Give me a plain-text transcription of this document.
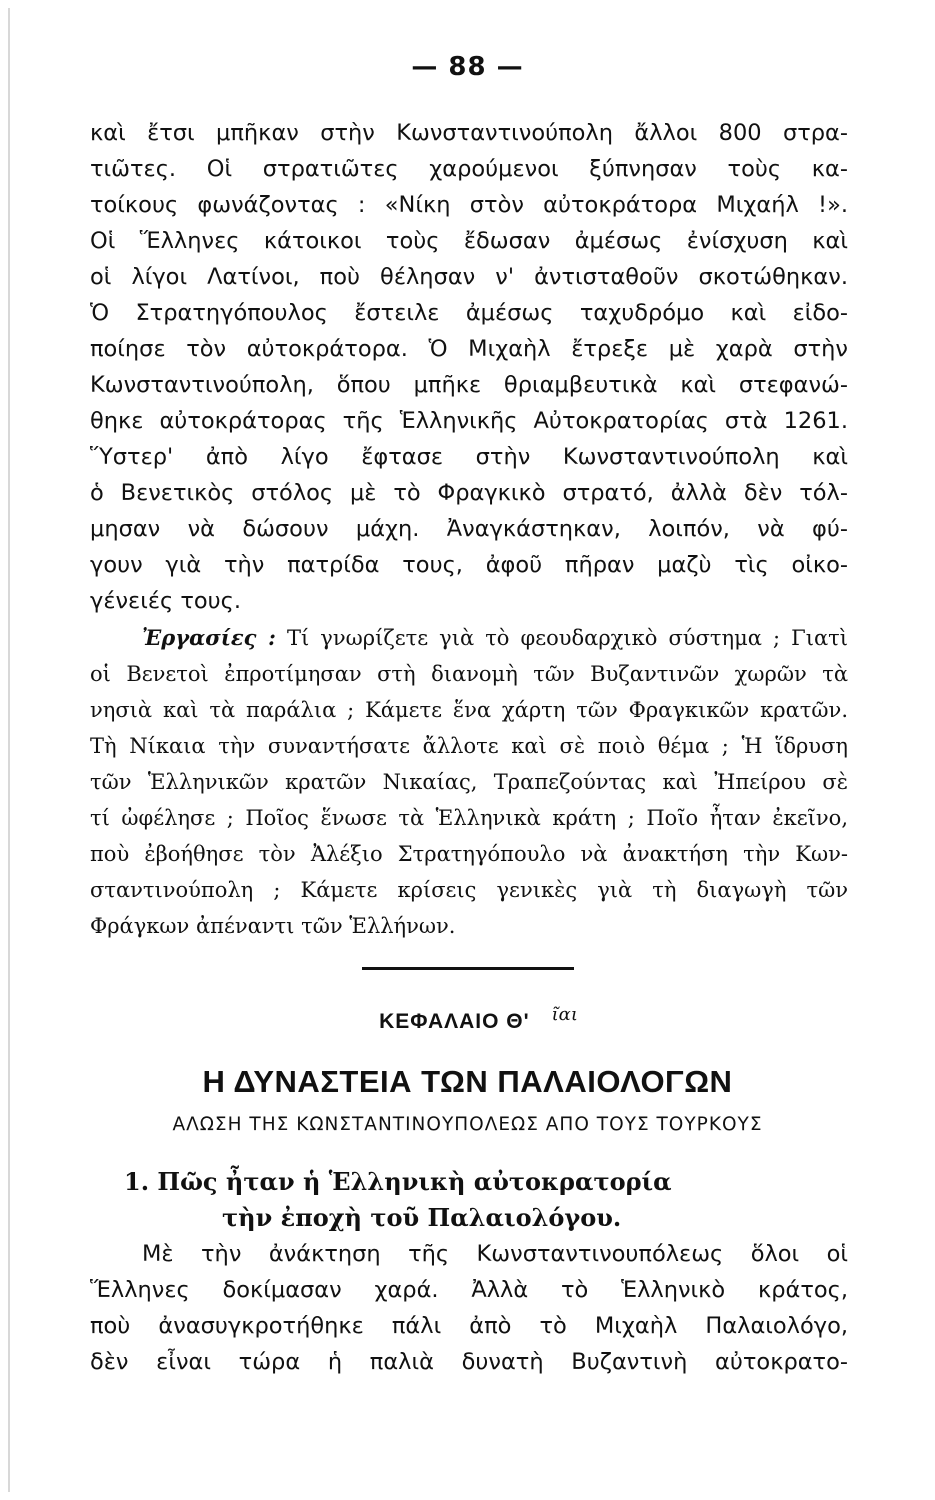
— 88 —
καὶ ἔτσι μπῆκαν στὴν Κωνσταντινούπολη ἄλλοι 800 στρα-
τιῶτες. Οἱ στρατιῶτες χαρούμενοι ξύπνησαν τοὺς κα-
τοίκους φωνάζοντας : «Νίκη στὸν αὐτοκράτορα Μιχαήλ !».
Οἱ Ἕλληνες κάτοικοι τοὺς ἔδωσαν ἀμέσως ἐνίσχυση καὶ
οἱ λίγοι Λατίνοι, ποὺ θέλησαν ν' ἀντισταθοῦν σκοτώθηκαν.
Ὁ Στρατηγόπουλος ἔστειλε ἀμέσως ταχυδρόμο καὶ εἰδο-
ποίησε τὸν αὐτοκράτορα. Ὁ Μιχαὴλ ἔτρεξε μὲ χαρὰ στὴν
Κωνσταντινούπολη, ὅπου μπῆκε θριαμβευτικὰ καὶ στεφανώ-
θηκε αὐτοκράτορας τῆς Ἑλληνικῆς Αὐτοκρατορίας στὰ 1261.
Ὕστερ' ἀπὸ λίγο ἔφτασε στὴν Κωνσταντινούπολη καὶ
ὁ Βενετικὸς στόλος μὲ τὸ Φραγκικὸ στρατό, ἀλλὰ δὲν τόλ-
μησαν νὰ δώσουν μάχη. Ἀναγκάστηκαν, λοιπόν, νὰ φύ-
γουν γιὰ τὴν πατρίδα τους, ἀφοῦ πῆραν μαζὺ τὶς οἰκο-
γένειές τους.
Ἐργασίες : Τί γνωρίζετε γιὰ τὸ φεουδαρχικὸ σύστημα ; Γιατὶ
οἱ Βενετοὶ ἐπροτίμησαν στὴ διανομὴ τῶν Βυζαντινῶν χωρῶν τὰ
νησιὰ καὶ τὰ παράλια ; Κάμετε ἕνα χάρτη τῶν Φραγκικῶν κρατῶν.
Τὴ Νίκαια τὴν συναντήσατε ἄλλοτε καὶ σὲ ποιὸ θέμα ; Ἡ ἵδρυση
τῶν Ἑλληνικῶν κρατῶν Νικαίας, Τραπεζούντας καὶ Ἠπείρου σὲ
τί ὠφέλησε ; Ποῖος ἕνωσε τὰ Ἑλληνικὰ κράτη ; Ποῖο ἦταν ἐκεῖνο,
ποὺ ἐβοήθησε τὸν Ἀλέξιο Στρατηγόπουλο νὰ ἀνακτήση τὴν Κων-
σταντινούπολη ; Κάμετε κρίσεις γενικὲς γιὰ τὴ διαγωγὴ τῶν
Φράγκων ἀπέναντι τῶν Ἑλλήνων.
ΚΕΦΑΛΑΙΟ Θ' ῖαι
Η ΔΥΝΑΣΤΕΙΑ ΤΩΝ ΠΑΛΑΙΟΛΟΓΩΝ
ΑΛΩΣΗ ΤΗΣ ΚΩΝΣΤΑΝΤΙΝΟΥΠΟΛΕΩΣ ΑΠΟ ΤΟΥΣ ΤΟΥΡΚΟΥΣ
1. Πῶς ἦταν ἡ Ἑλληνικὴ αὐτοκρατορία
τὴν ἐποχὴ τοῦ Παλαιολόγου.
Μὲ τὴν ἀνάκτηση τῆς Κωνσταντινουπόλεως ὅλοι οἱ
Ἕλληνες δοκίμασαν χαρά. Ἀλλὰ τὸ Ἑλληνικὸ κράτος,
ποὺ ἀνασυγκροτήθηκε πάλι ἀπὸ τὸ Μιχαὴλ Παλαιολόγο,
δὲν εἶναι τώρα ἡ παλιὰ δυνατὴ Βυζαντινὴ αὐτοκρατο-
